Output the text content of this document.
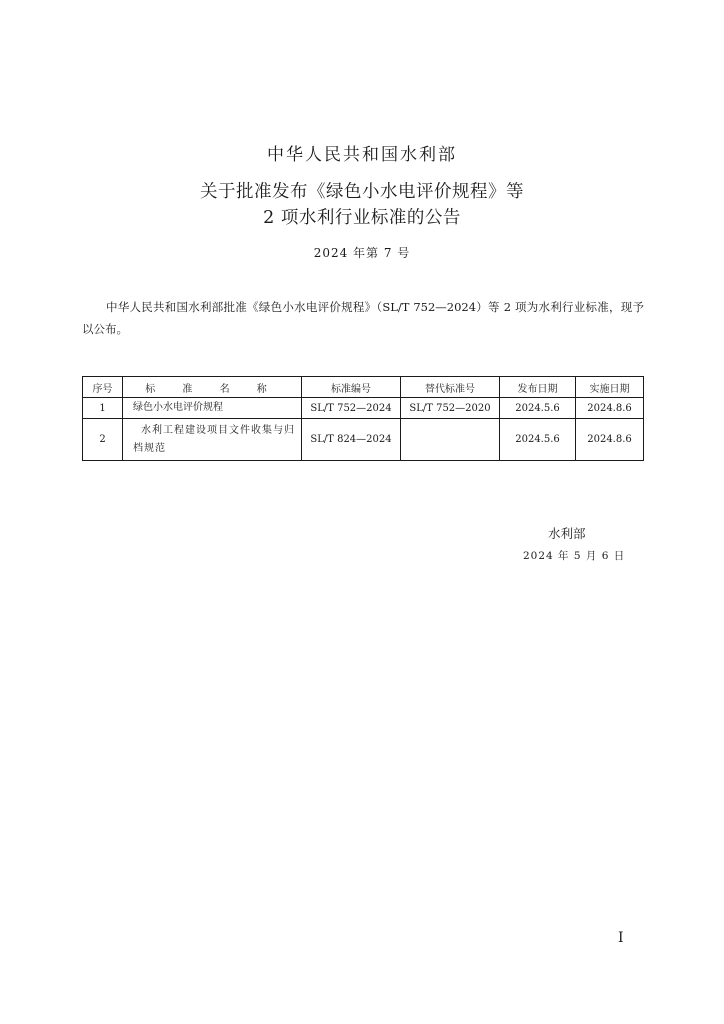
中华人民共和国水利部
关于批准发布《绿色小水电评价规程》等
2 项水利行业标准的公告
2024 年第 7 号
中华人民共和国水利部批准《绿色小水电评价规程》（SL/T 752—2024）等 2 项为水利行业标准，现予以公布。
序号	标 准 名 称	标准编号	替代标准号	发布日期	实施日期
1	绿色小水电评价规程	SL/T 752—2024	SL/T 752—2020	2024.5.6	2024.8.6
2	水利工程建设项目文件收集与归档规范	SL/T 824—2024		2024.5.6	2024.8.6
水利部
2024 年 5 月 6 日
I
